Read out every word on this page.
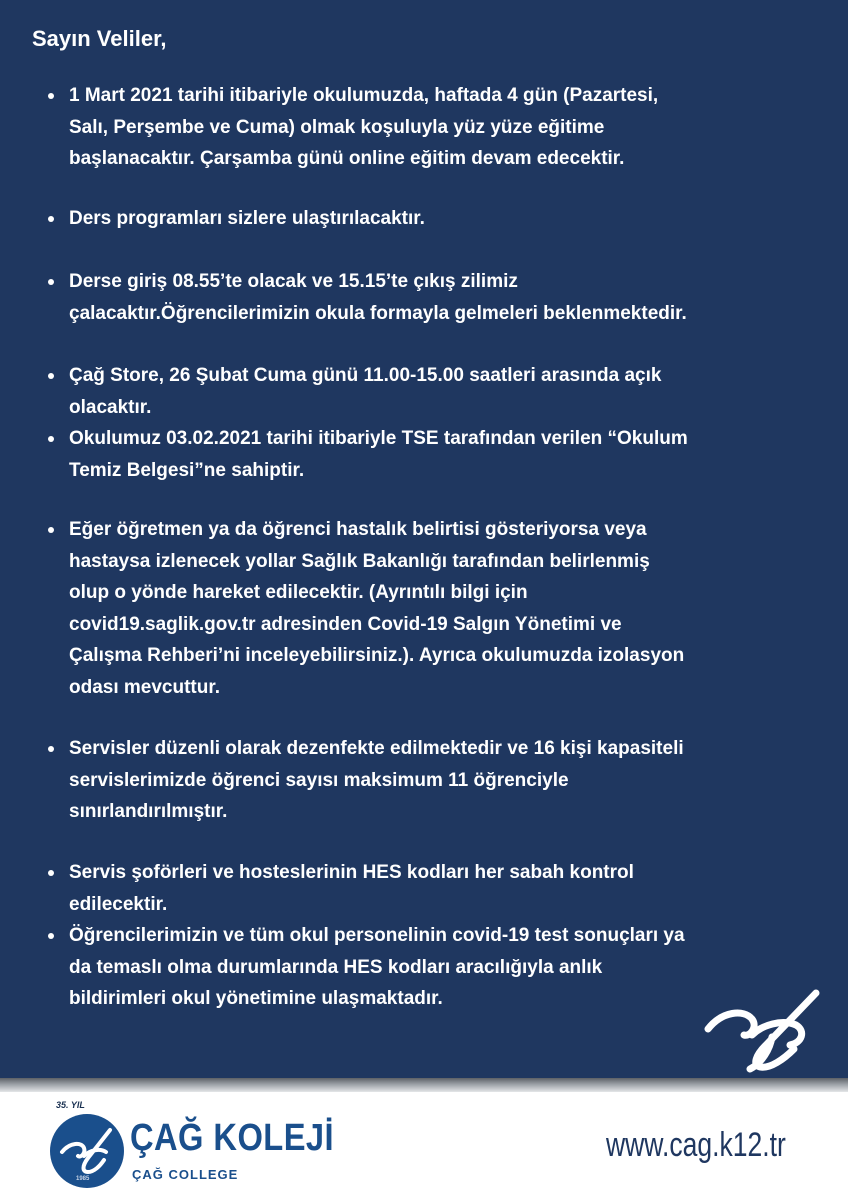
Sayın Veliler,

1 Mart 2021 tarihi itibariyle okulumuzda, haftada 4 gün (Pazartesi,
Salı, Perşembe ve Cuma) olmak koşuluyla yüz yüze eğitime
başlanacaktır. Çarşamba günü online eğitim devam edecektir.
Ders programları sizlere ulaştırılacaktır.
Derse giriş 08.55’te olacak ve 15.15’te çıkış zilimiz
çalacaktır.Öğrencilerimizin okula formayla gelmeleri beklenmektedir.
Çağ Store, 26 Şubat Cuma günü 11.00-15.00 saatleri arasında açık
olacaktır.
Okulumuz 03.02.2021 tarihi itibariyle TSE tarafından verilen “Okulum
Temiz Belgesi”ne sahiptir.
Eğer öğretmen ya da öğrenci hastalık belirtisi gösteriyorsa veya
hastaysa izlenecek yollar Sağlık Bakanlığı tarafından belirlenmiş
olup o yönde hareket edilecektir. (Ayrıntılı bilgi için
covid19.saglik.gov.tr adresinden Covid-19 Salgın Yönetimi ve
Çalışma Rehberi’ni inceleyebilirsiniz.). Ayrıca okulumuzda izolasyon
odası mevcuttur.
Servisler düzenli olarak dezenfekte edilmektedir ve 16 kişi kapasiteli
servislerimizde öğrenci sayısı maksimum 11 öğrenciyle
sınırlandırılmıştır.
Servis şoförleri ve hosteslerinin HES kodları her sabah kontrol
edilecektir.
Öğrencilerimizin ve tüm okul personelinin covid-19 test sonuçları ya
da temaslı olma durumlarında HES kodları aracılığıyla anlık
bildirimleri okul yönetimine ulaşmaktadır.
35. YIL
1985
ÇAĞ KOLEJİ
ÇAĞ COLLEGE
www.cag.k12.tr
